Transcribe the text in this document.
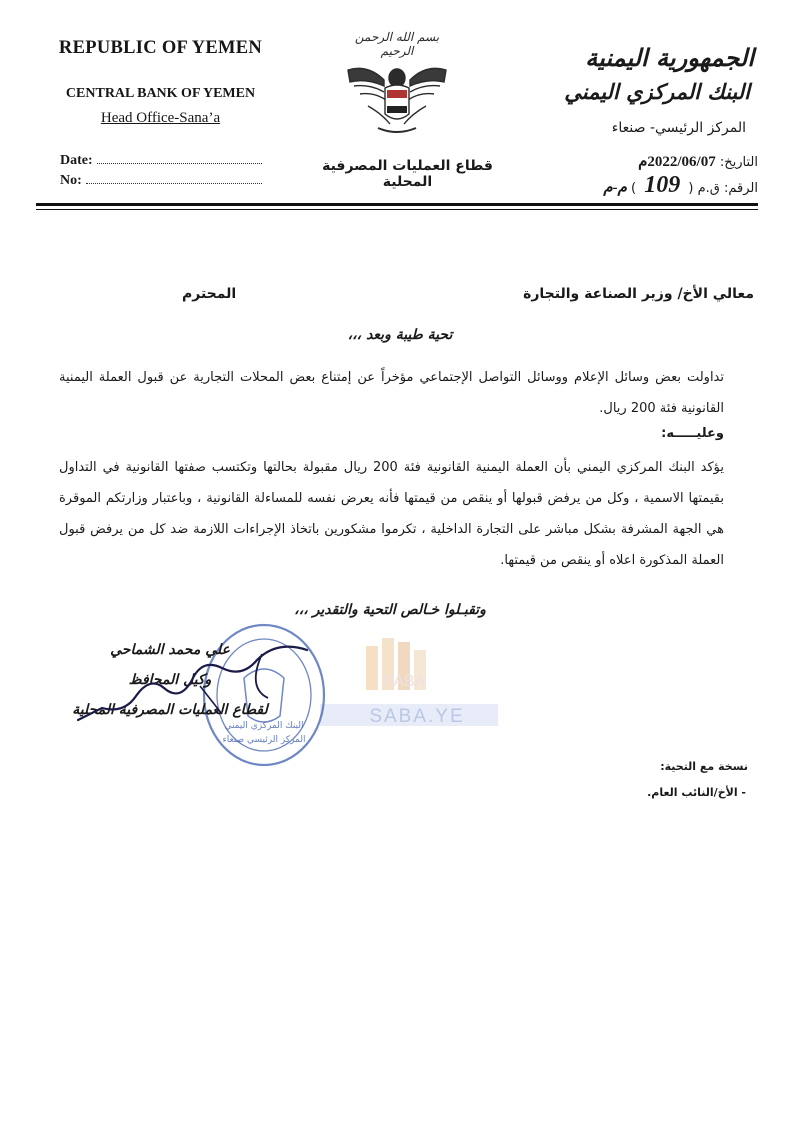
REPUBLIC OF YEMEN
CENTRAL BANK OF YEMEN
Head Office-Sana’a
Date:
No:
بسم الله الرحمن الرحيم	الجمهورية اليمنية
البنك المركزي اليمني
المركز الرئيسي- صنعاء
التاريخ: 2022/06/07م
الرقم: ق.م ( 109 ) م-م
قطاع العمليات المصرفية المحلية
معالي الأخ/ وزير الصناعة والتجارة
المحترم
تحية طيبة وبعد ،،،
تداولت بعض وسائل الإعلام ووسائل التواصل الإجتماعي مؤخراً عن إمتناع بعض المحلات التجارية عن قبول العملة اليمنية القانونية فئة 200 ريال.
وعليـــــه:
يؤكد البنك المركزي اليمني بأن العملة اليمنية القانونية فئة 200 ريال مقبولة بحالتها وتكتسب صفتها القانونية في التداول بقيمتها الاسمية ، وكل من يرفض قبولها أو ينقص من قيمتها فأنه يعرض نفسه للمساءلة القانونية ، وباعتبار وزارتكم الموقرة هي الجهة المشرفة بشكل مباشر على التجارة الداخلية ، تكرموا مشكورين باتخاذ الإجراءات اللازمة ضد كل من يرفض قبول العملة المذكورة اعلاه أو ينقص من قيمتها.
وتقبـلوا خـالص التحية والتقدير ،،،
SABA
SABA.YE
البنك المركزي اليمني
المركز الرئيسي صنعاء
علي محمد الشماحي
وكيل المحافظ
لقطاع العمليات المصرفية المحلية
نسخة مع التحية:
- الأخ/النائب العام.
